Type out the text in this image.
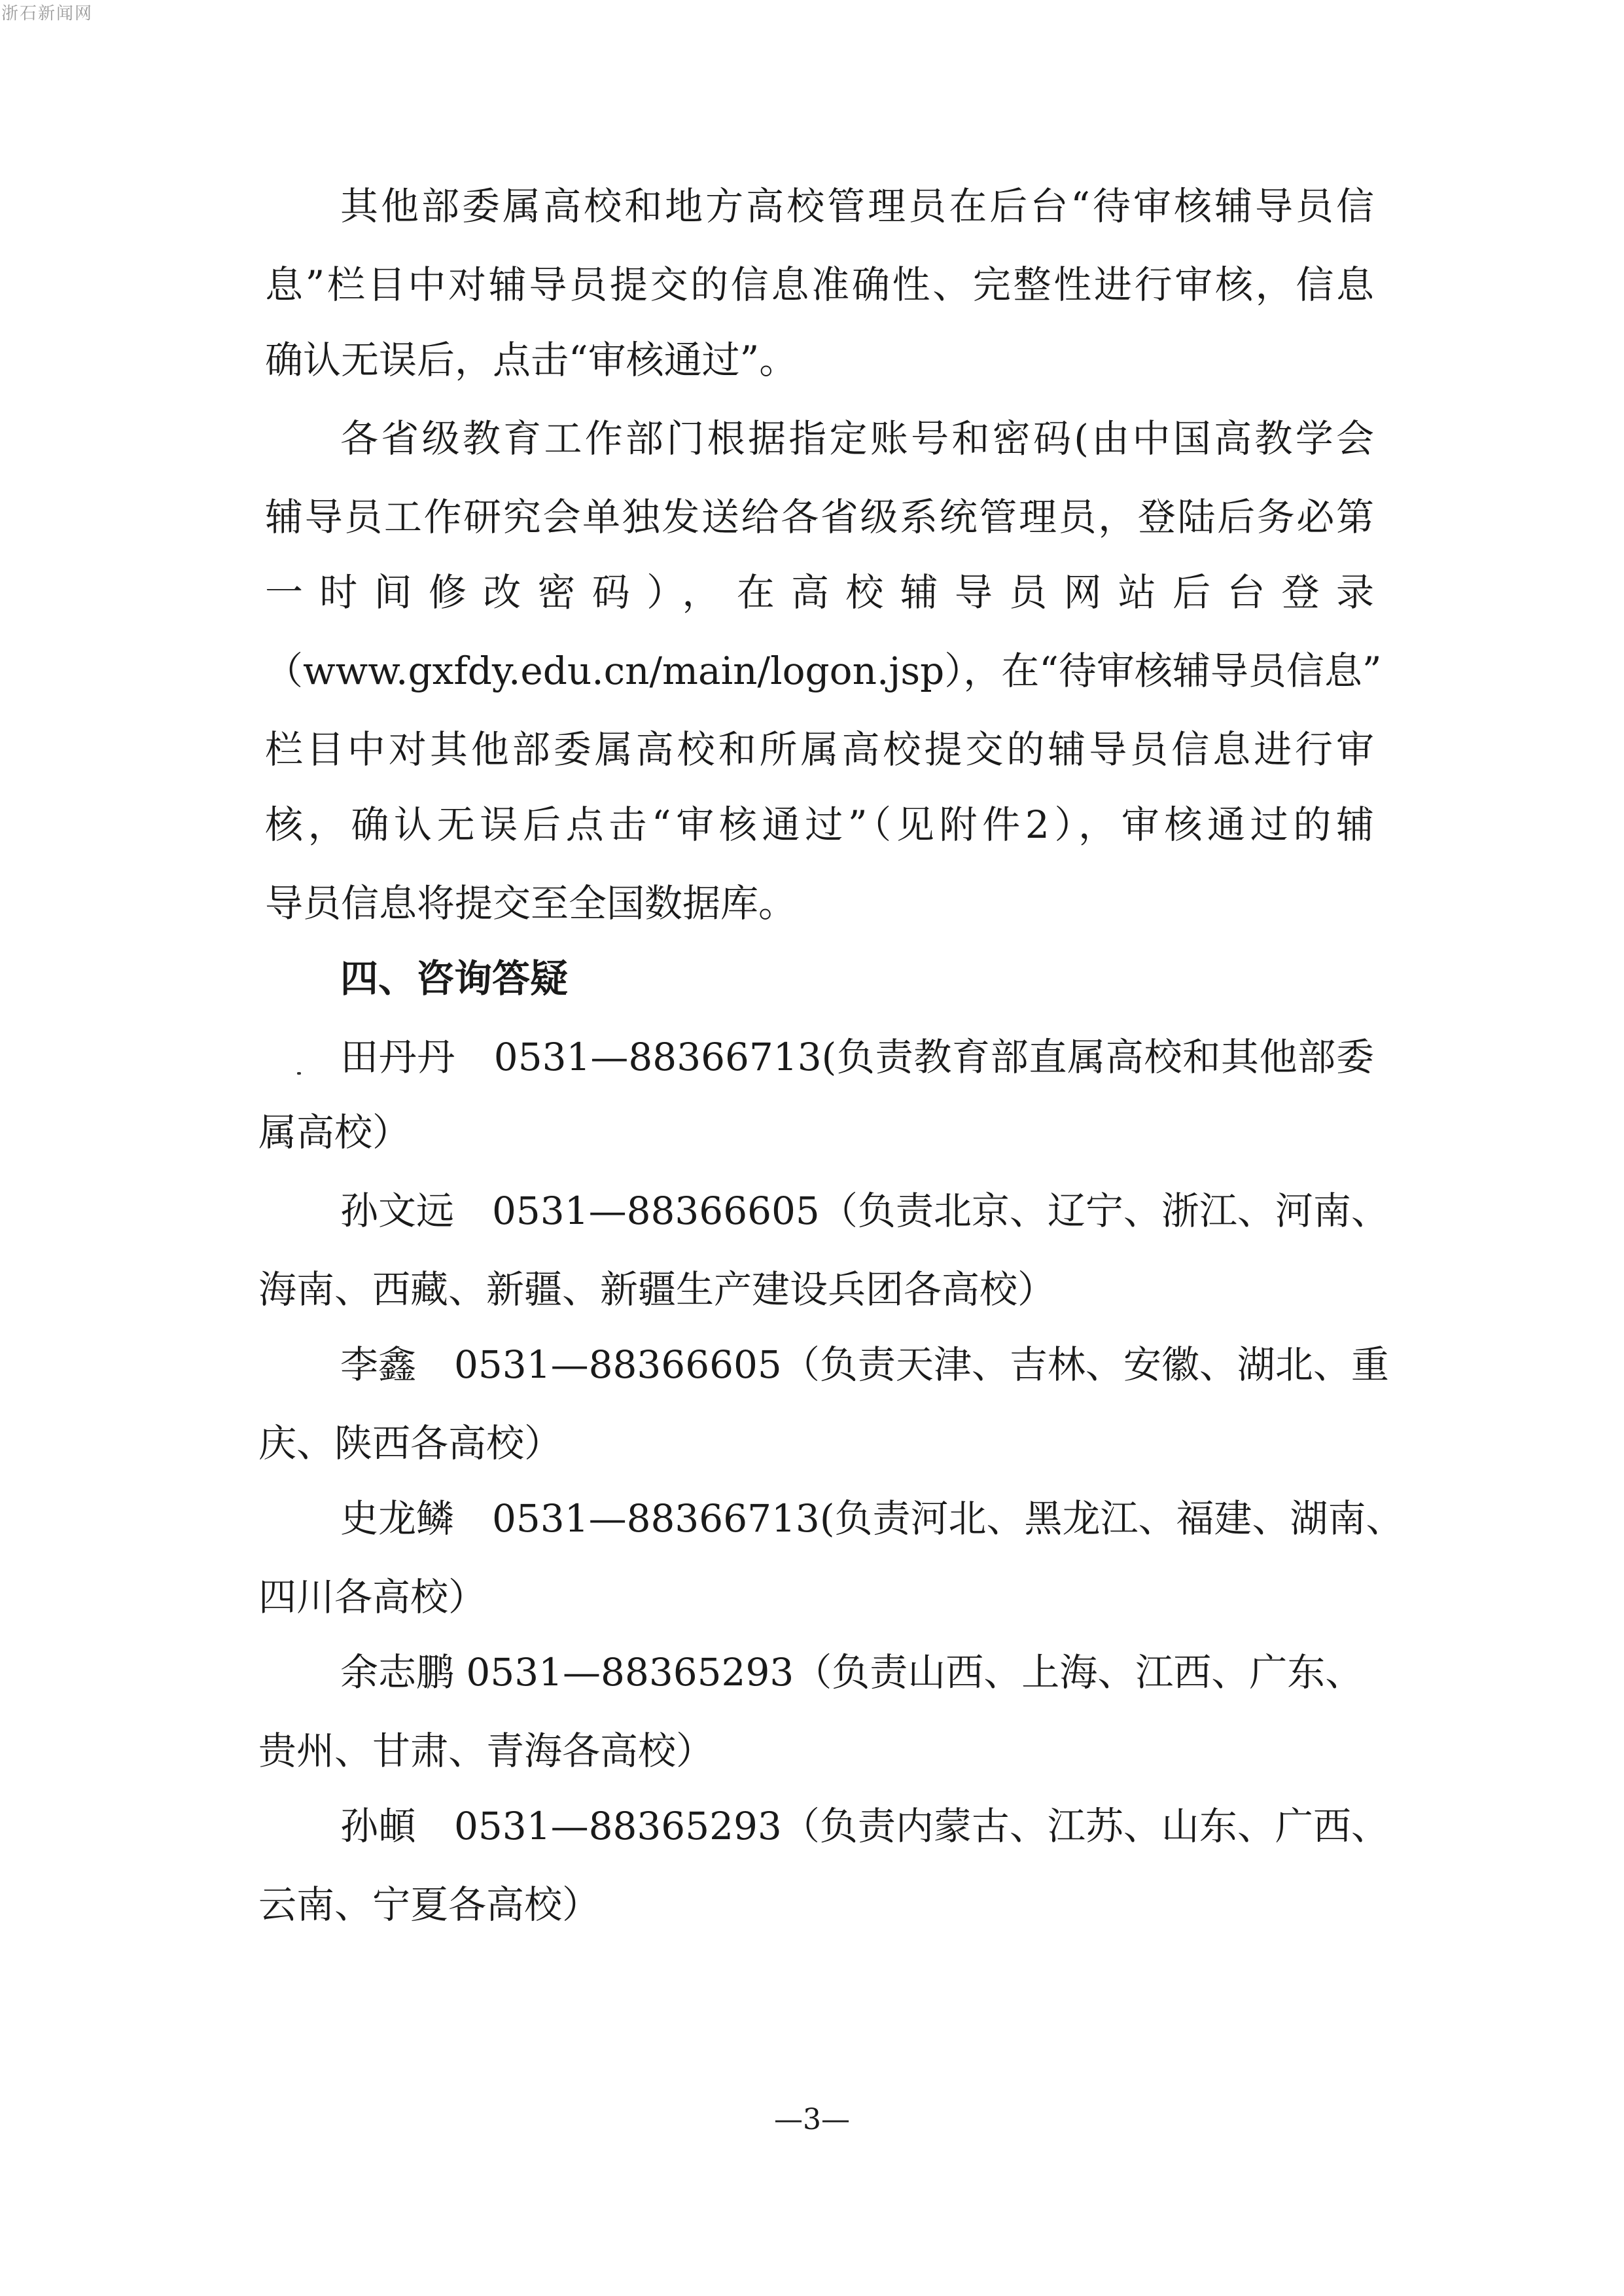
浙石新闻网
其他部委属高校和地方高校管理员在后台“待审核辅导员信
息”栏目中对辅导员提交的信息准确性、完整性进行审核，信息
确认无误后，点击“审核通过”。
各省级教育工作部门根据指定账号和密码(由中国高教学会
辅导员工作研究会单独发送给各省级系统管理员，登陆后务必第
一时间修改密码），在高校辅导员网站后台登录
（www.gxfdy.edu.cn/main/logon.jsp），在“待审核辅导员信息”
栏目中对其他部委属高校和所属高校提交的辅导员信息进行审
核，确认无误后点击“审核通过”（见附件2），审核通过的辅
导员信息将提交至全国数据库。
四、咨询答疑
田丹丹　0531—88366713(负责教育部直属高校和其他部委
属高校）
孙文远　0531—88366605（负责北京、辽宁、浙江、河南、
海南、西藏、新疆、新疆生产建设兵团各高校）
李鑫　0531—88366605（负责天津、吉林、安徽、湖北、重
庆、陕西各高校）
史龙鳞　0531—88366713(负责河北、黑龙江、福建、湖南、
四川各高校）
余志鹏 0531—88365293（负责山西、上海、江西、广东、
贵州、甘肃、青海各高校）
孙頔　0531—88365293（负责内蒙古、江苏、山东、广西、
云南、宁夏各高校）
—3—
